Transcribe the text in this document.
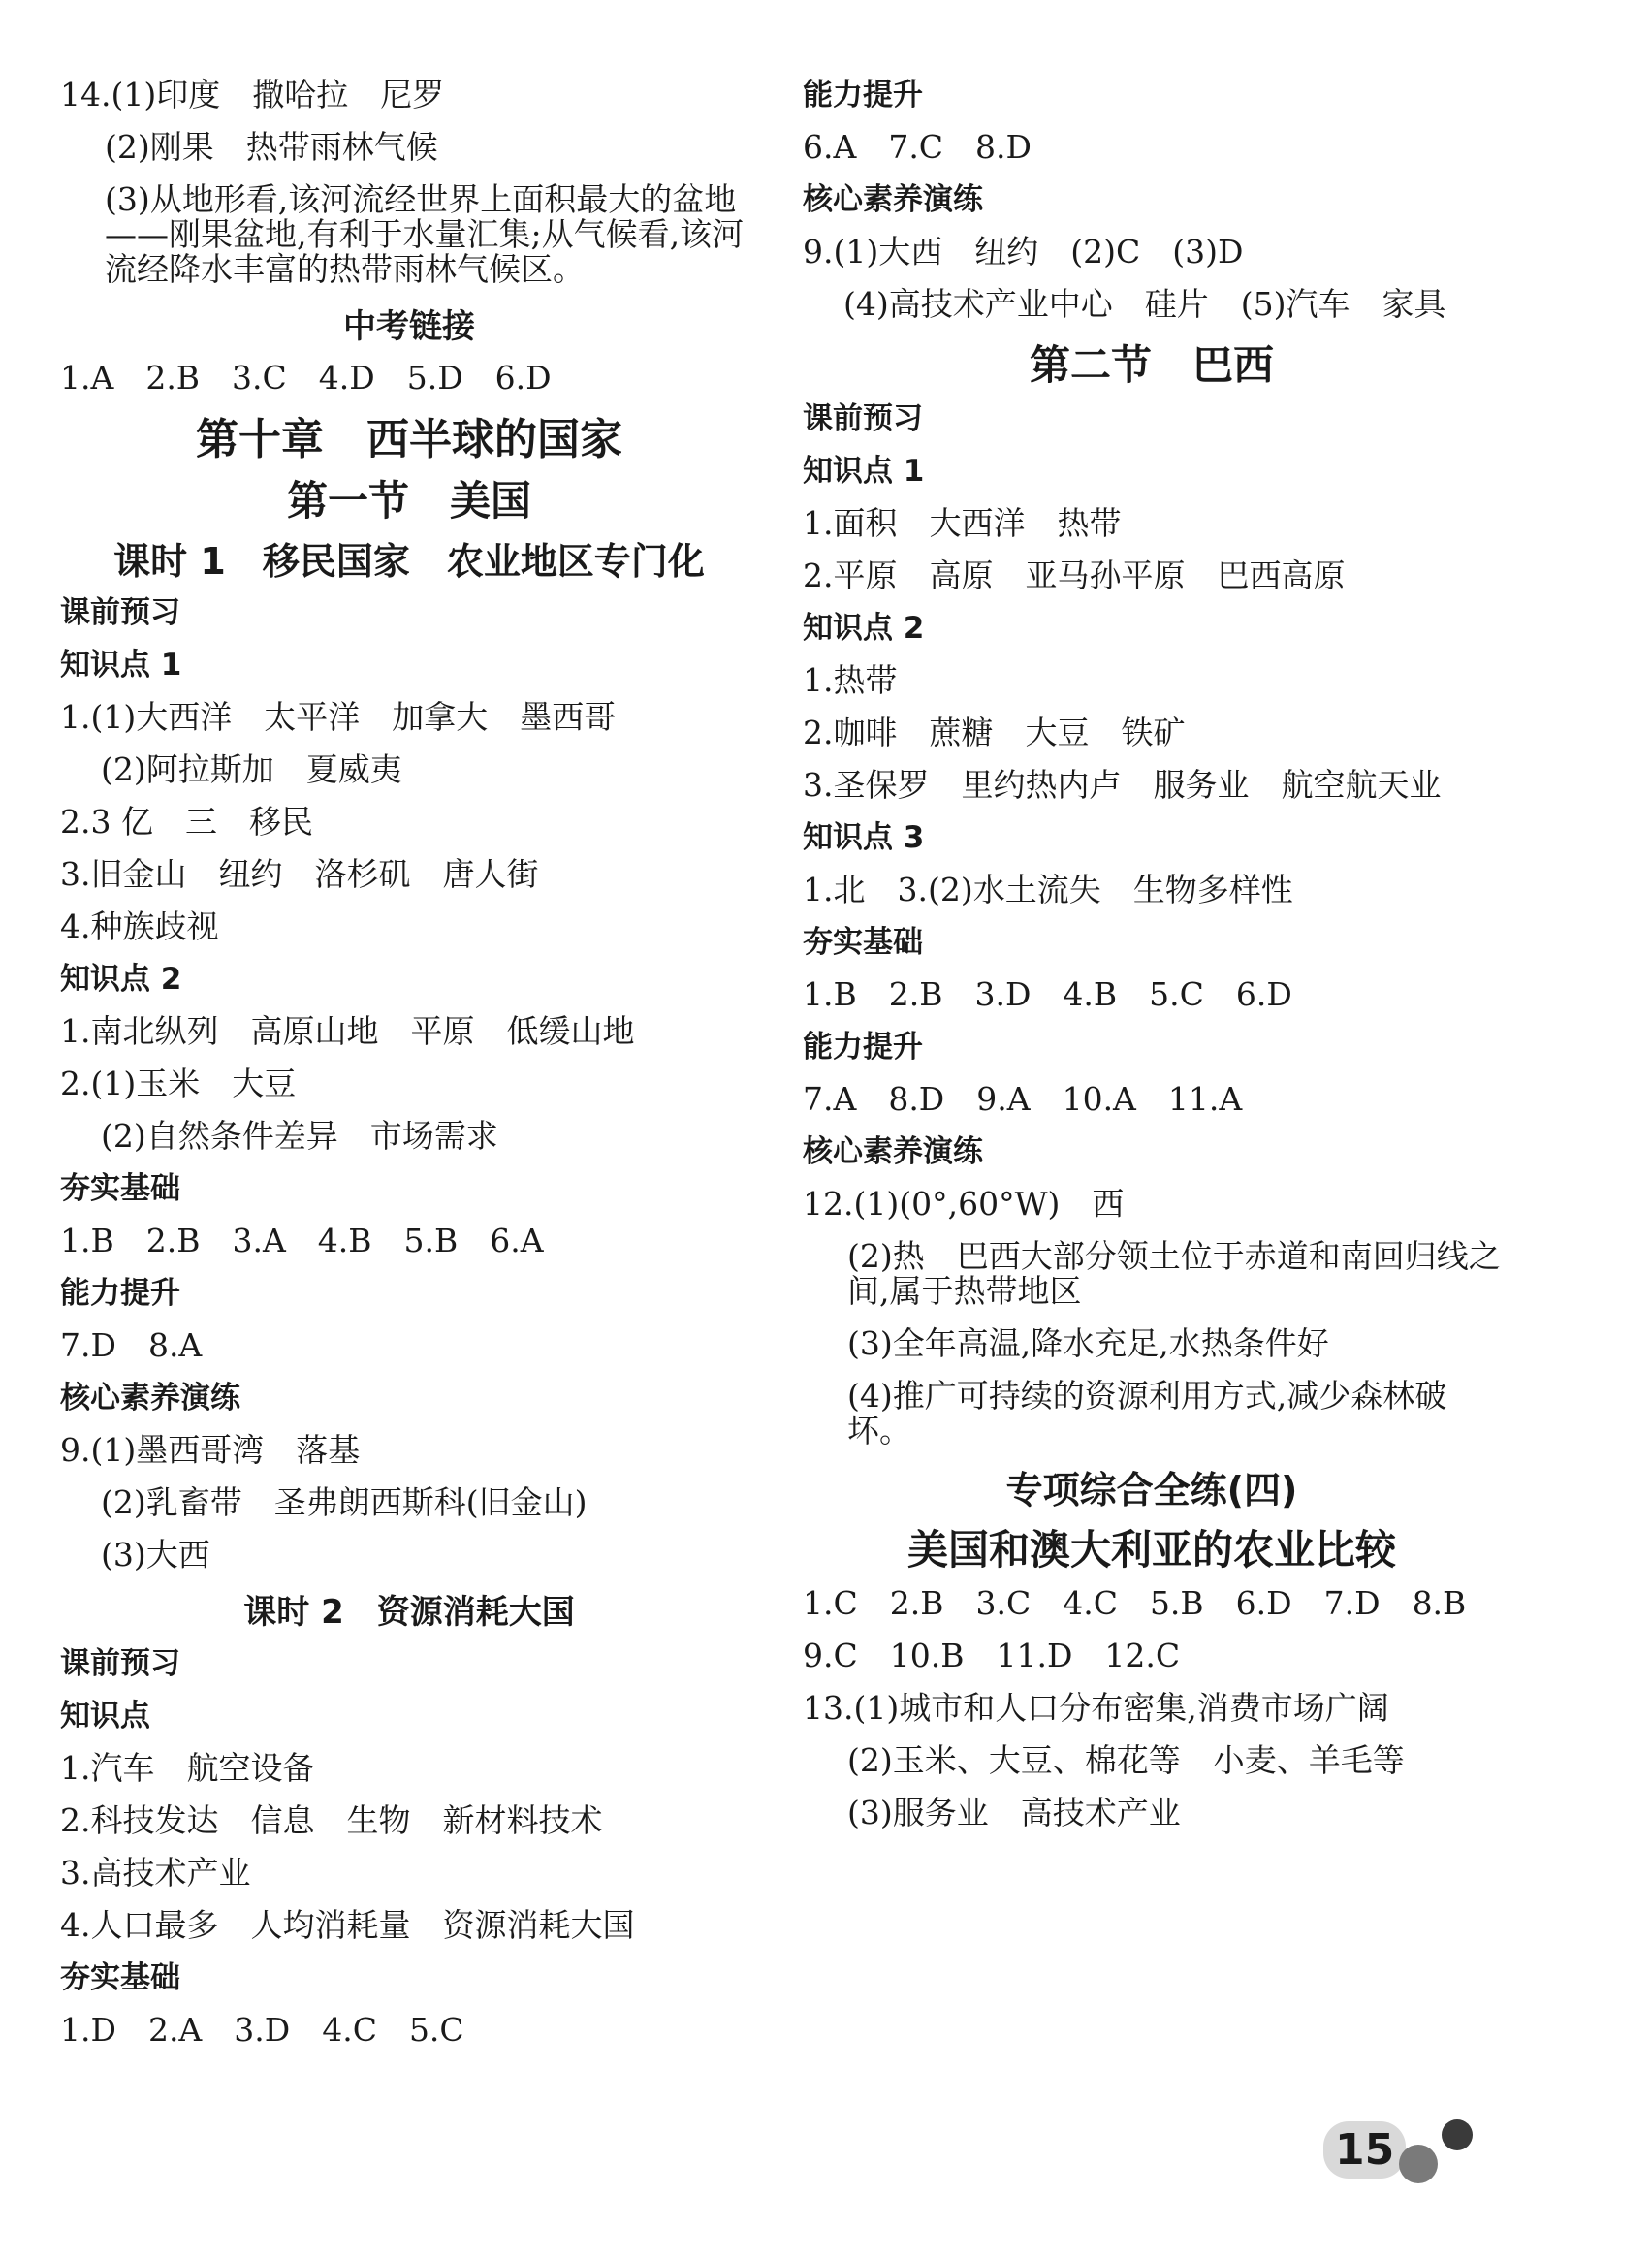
14.(1)印度　撒哈拉　尼罗
(2)刚果　热带雨林气候
(3)从地形看,该河流经世界上面积最大的盆地——刚果盆地,有利于水量汇集;从气候看,该河流经降水丰富的热带雨林气候区。
中考链接
1.A　2.B　3.C　4.D　5.D　6.D
第十章　西半球的国家
第一节　美国
课时 1　移民国家　农业地区专门化
课前预习
知识点 1
1.(1)大西洋　太平洋　加拿大　墨西哥
(2)阿拉斯加　夏威夷
2.3 亿　三　移民
3.旧金山　纽约　洛杉矶　唐人街
4.种族歧视
知识点 2
1.南北纵列　高原山地　平原　低缓山地
2.(1)玉米　大豆
(2)自然条件差异　市场需求
夯实基础
1.B　2.B　3.A　4.B　5.B　6.A
能力提升
7.D　8.A
核心素养演练
9.(1)墨西哥湾　落基
(2)乳畜带　圣弗朗西斯科(旧金山)
(3)大西
课时 2　资源消耗大国
课前预习
知识点
1.汽车　航空设备
2.科技发达　信息　生物　新材料技术
3.高技术产业
4.人口最多　人均消耗量　资源消耗大国
夯实基础
1.D　2.A　3.D　4.C　5.C
能力提升
6.A　7.C　8.D
核心素养演练
9.(1)大西　纽约　(2)C　(3)D
(4)高技术产业中心　硅片　(5)汽车　家具
第二节　巴西
课前预习
知识点 1
1.面积　大西洋　热带
2.平原　高原　亚马孙平原　巴西高原
知识点 2
1.热带
2.咖啡　蔗糖　大豆　铁矿
3.圣保罗　里约热内卢　服务业　航空航天业
知识点 3
1.北　3.(2)水土流失　生物多样性
夯实基础
1.B　2.B　3.D　4.B　5.C　6.D
能力提升
7.A　8.D　9.A　10.A　11.A
核心素养演练
12.(1)(0°,60°W)　西
(2)热　巴西大部分领土位于赤道和南回归线之间,属于热带地区
(3)全年高温,降水充足,水热条件好
(4)推广可持续的资源利用方式,减少森林破坏。
专项综合全练(四)
美国和澳大利亚的农业比较
1.C　2.B　3.C　4.C　5.B　6.D　7.D　8.B
9.C　10.B　11.D　12.C
13.(1)城市和人口分布密集,消费市场广阔
(2)玉米、大豆、棉花等　小麦、羊毛等
(3)服务业　高技术产业
15
